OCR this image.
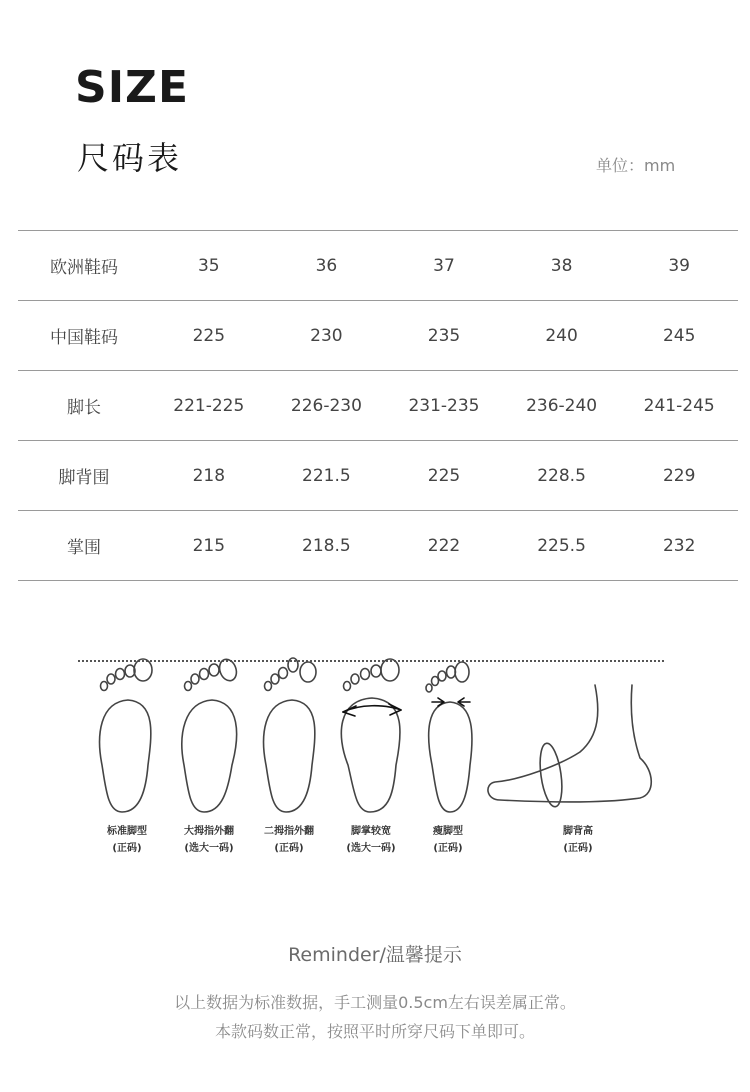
SIZE
尺码表	单位：mm
欧洲鞋码	35	36	37	38	39
中国鞋码	225	230	235	240	245
脚长	221-225	226-230	231-235	236-240	241-245
脚背围	218	221.5	225	228.5	229
掌围	215	218.5	222	225.5	232
标准脚型
(正码)
大拇指外翻
(选大一码)
二拇指外翻
(正码)
脚掌较宽
(选大一码)
瘦脚型
(正码)
脚背高
(正码)
Reminder/温馨提示
以上数据为标准数据，手工测量0.5cm左右误差属正常。
本款码数正常，按照平时所穿尺码下单即可。
